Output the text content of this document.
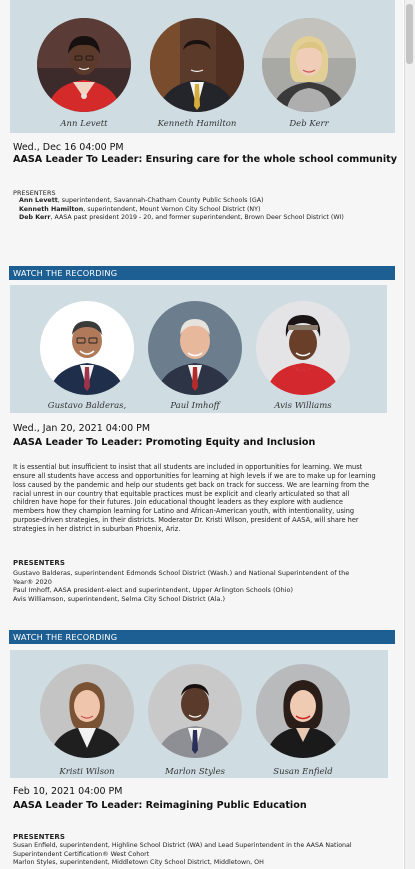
Ann Levett	Kenneth Hamilton	Deb Kerr
Wed., Dec 16 04:00 PM
AASA Leader To Leader: Ensuring care for the whole school community
PRESENTERS
Ann Levett, superintendent, Savannah-Chatham County Public Schools (GA)
Kenneth Hamilton, superintendent, Mount Vernon City School District (NY)
Deb Kerr, AASA past president 2019 - 20, and former superintendent, Brown Deer School District (WI)
WATCH THE RECORDING
Gustavo Balderas,	Paul Imhoff	Avis Williams
Wed., Jan 20, 2021 04:00 PM
AASA Leader To Leader: Promoting Equity and Inclusion
It is essential but insufficient to insist that all students are included in opportunities for learning. We must
ensure all students have access and opportunities for learning at high levels if we are to make up for learning
loss caused by the pandemic and help our students get back on track for success. We are learning from the
racial unrest in our country that equitable practices must be explicit and clearly articulated so that all
children have hope for their futures. Join educational thought leaders as they explore with audience
members how they champion learning for Latino and African-American youth, with intentionality, using
purpose-driven strategies, in their districts. Moderator Dr. Kristi Wilson, president of AASA, will share her
strategies in her district in suburban Phoenix, Ariz.
PRESENTERS
Gustavo Balderas, superintendent Edmonds School District (Wash.) and National Superintendent of the
Year® 2020
Paul Imhoff, AASA president-elect and superintendent, Upper Arlington Schools (Ohio)
Avis Williamson, superintendent, Selma City School District (Ala.)
WATCH THE RECORDING
Kristi Wilson	Marlon Styles	Susan Enfield
Feb 10, 2021 04:00 PM
AASA Leader To Leader: Reimagining Public Education
PRESENTERS
Susan Enfield, superintendent, Highline School District (WA) and Lead Superintendent in the AASA National
Superintendent Certification® West Cohort
Marlon Styles, superintendent, Middletown City School District, Middletown, OH
